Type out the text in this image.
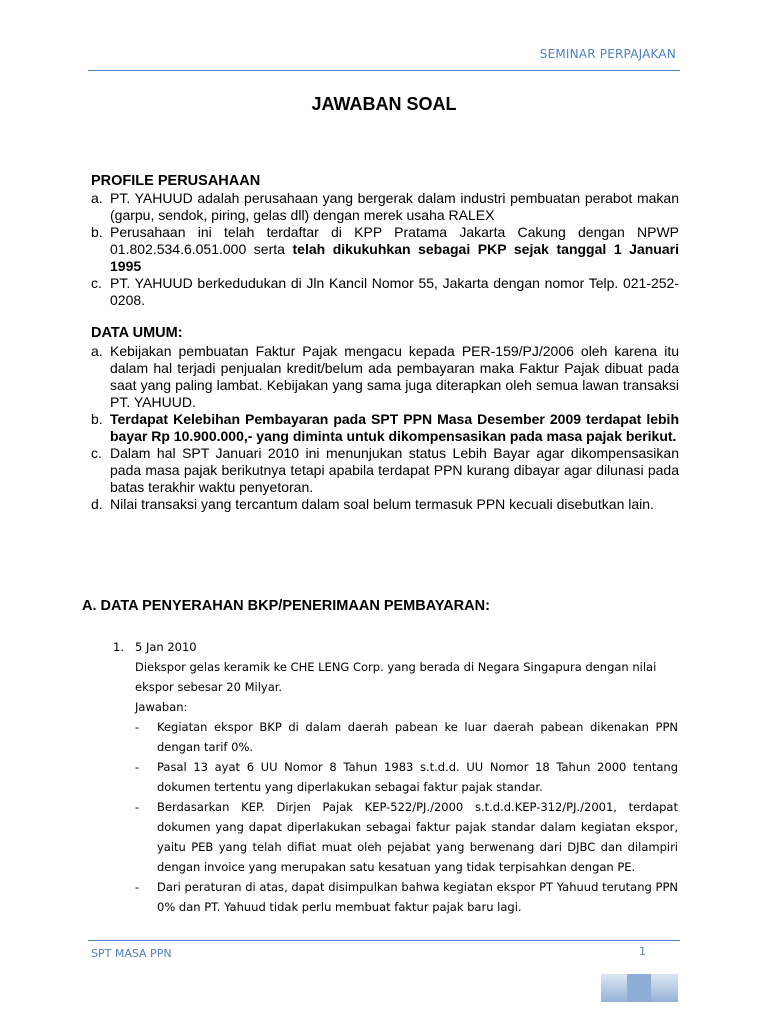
SEMINAR PERPAJAKAN
JAWABAN SOAL
PROFILE PERUSAHAAN
a. PT. YAHUUD adalah perusahaan yang bergerak dalam industri pembuatan perabot makan (garpu, sendok, piring, gelas dll) dengan merek usaha RALEX
b. Perusahaan ini telah terdaftar di KPP Pratama Jakarta Cakung dengan NPWP 01.802.534.6.051.000 serta telah dikukuhkan sebagai PKP sejak tanggal 1 Januari 1995
c. PT. YAHUUD berkedudukan di Jln Kancil Nomor 55, Jakarta dengan nomor Telp. 021-252-0208.
DATA UMUM:
a. Kebijakan pembuatan Faktur Pajak mengacu kepada PER-159/PJ/2006 oleh karena itu dalam hal terjadi penjualan kredit/belum ada pembayaran maka Faktur Pajak dibuat pada saat yang paling lambat. Kebijakan yang sama juga diterapkan oleh semua lawan transaksi PT. YAHUUD.
b. Terdapat Kelebihan Pembayaran pada SPT PPN Masa Desember 2009 terdapat lebih bayar Rp 10.900.000,- yang diminta untuk dikompensasikan pada masa pajak berikut.
c. Dalam hal SPT Januari 2010 ini menunjukan status Lebih Bayar agar dikompensasikan pada masa pajak berikutnya tetapi apabila terdapat PPN kurang dibayar agar dilunasi pada batas terakhir waktu penyetoran.
d. Nilai transaksi yang tercantum dalam soal belum termasuk PPN kecuali disebutkan lain.
A. DATA PENYERAHAN BKP/PENERIMAAN PEMBAYARAN:
1. 5 Jan 2010
Diekspor gelas keramik ke CHE LENG Corp. yang berada di Negara Singapura dengan nilai ekspor sebesar 20 Milyar.
Jawaban:
- Kegiatan ekspor BKP di dalam daerah pabean ke luar daerah pabean dikenakan PPN dengan tarif 0%.
- Pasal 13 ayat 6 UU Nomor 8 Tahun 1983 s.t.d.d. UU Nomor 18 Tahun 2000 tentang dokumen tertentu yang diperlakukan sebagai faktur pajak standar.
- Berdasarkan KEP. Dirjen Pajak KEP-522/PJ./2000 s.t.d.d.KEP-312/PJ./2001, terdapat dokumen yang dapat diperlakukan sebagai faktur pajak standar dalam kegiatan ekspor, yaitu PEB yang telah difiat muat oleh pejabat yang berwenang dari DJBC dan dilampiri dengan invoice yang merupakan satu kesatuan yang tidak terpisahkan dengan PE.
- Dari peraturan di atas, dapat disimpulkan bahwa kegiatan ekspor PT Yahuud terutang PPN 0% dan PT. Yahuud tidak perlu membuat faktur pajak baru lagi.
SPT MASA PPN	1
